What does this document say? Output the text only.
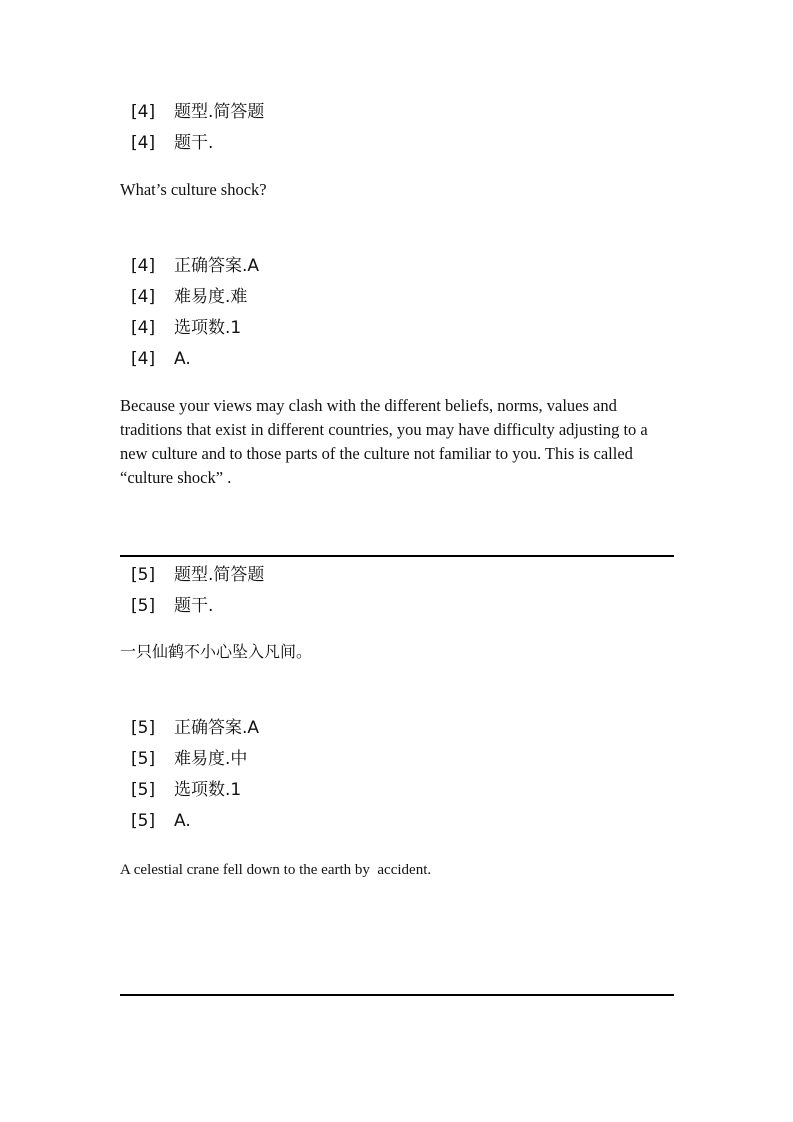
[4] 题型.简答题
[4] 题干.
What’s culture shock?
[4] 正确答案.A
[4] 难易度.难
[4] 选项数.1
[4] A.
Because your views may clash with the different beliefs, norms, values and traditions that exist in different countries, you may have difficulty adjusting to a new culture and to those parts of the culture not familiar to you. This is called “culture shock” .
[5] 题型.简答题
[5] 题干.
一只仙鹤不小心坠入凡间。
[5] 正确答案.A
[5] 难易度.中
[5] 选项数.1
[5] A.
A celestial crane fell down to the earth by  accident.
